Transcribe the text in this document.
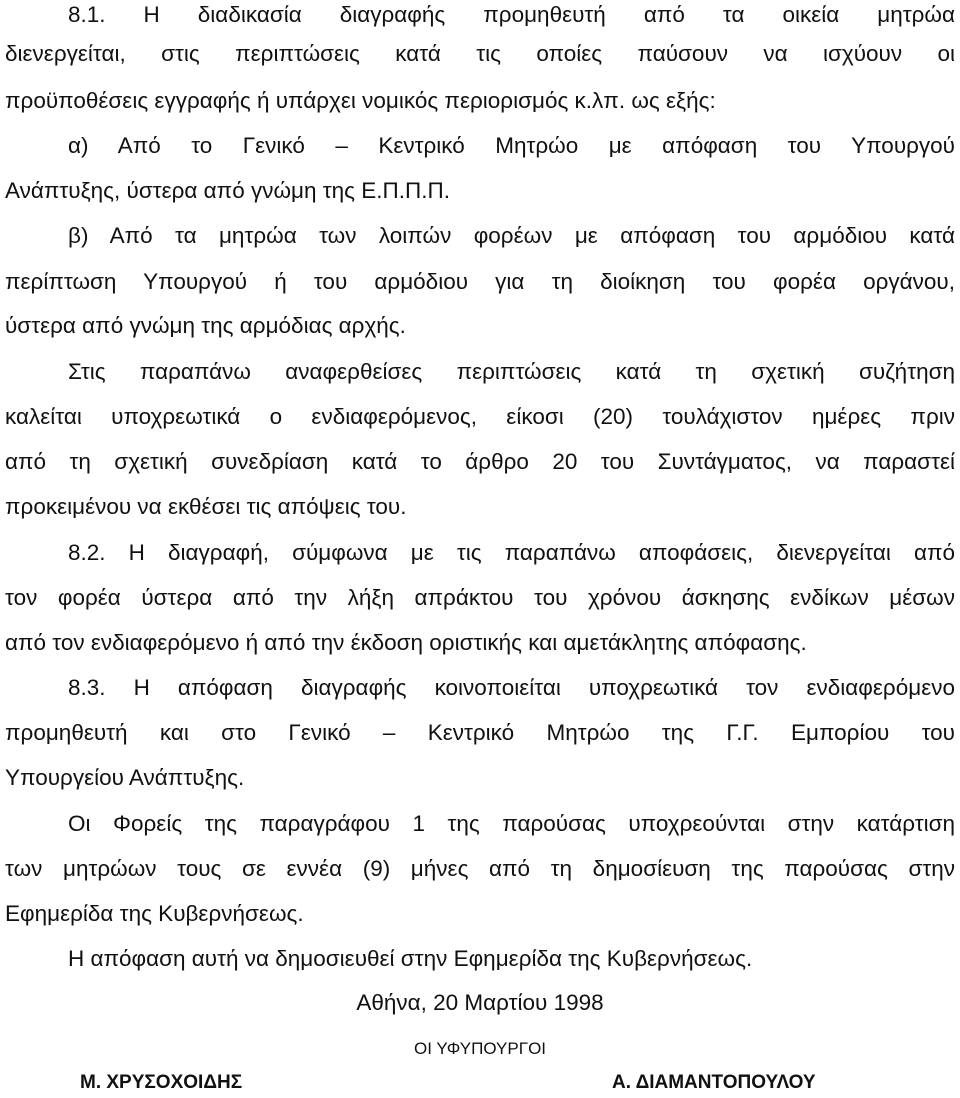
8.1. Η διαδικασία διαγραφής προμηθευτή από τα οικεία μητρώα
διενεργείται, στις περιπτώσεις κατά τις οποίες παύσουν να ισχύουν οι
προϋποθέσεις εγγραφής ή υπάρχει νομικός περιορισμός κ.λπ. ως εξής:
α) Από το Γενικό – Κεντρικό Μητρώο με απόφαση του Υπουργού
Ανάπτυξης, ύστερα από γνώμη της Ε.Π.Π.Π.
β) Από τα μητρώα των λοιπών φορέων με απόφαση του αρμόδιου κατά
περίπτωση Υπουργού ή του αρμόδιου για τη διοίκηση του φορέα οργάνου,
ύστερα από γνώμη της αρμόδιας αρχής.
Στις παραπάνω αναφερθείσες περιπτώσεις κατά τη σχετική συζήτηση
καλείται υποχρεωτικά ο ενδιαφερόμενος, είκοσι (20) τουλάχιστον ημέρες πριν
από τη σχετική συνεδρίαση κατά το άρθρο 20 του Συντάγματος, να παραστεί
προκειμένου να εκθέσει τις απόψεις του.
8.2. Η διαγραφή, σύμφωνα με τις παραπάνω αποφάσεις, διενεργείται από
τον φορέα ύστερα από την λήξη απράκτου του χρόνου άσκησης ενδίκων μέσων
από τον ενδιαφερόμενο ή από την έκδοση οριστικής και αμετάκλητης απόφασης.
8.3. Η απόφαση διαγραφής κοινοποιείται υποχρεωτικά τον ενδιαφερόμενο
προμηθευτή και στο Γενικό – Κεντρικό Μητρώο της Γ.Γ. Εμπορίου του
Υπουργείου Ανάπτυξης.
Οι Φορείς της παραγράφου 1 της παρούσας υποχρεούνται στην κατάρτιση
των μητρώων τους σε εννέα (9) μήνες από τη δημοσίευση της παρούσας στην
Εφημερίδα της Κυβερνήσεως.
Η απόφαση αυτή να δημοσιευθεί στην Εφημερίδα της Κυβερνήσεως.
Αθήνα, 20 Μαρτίου 1998
ΟΙ ΥΦΥΠΟΥΡΓΟΙ
Μ. ΧΡΥΣΟΧΟΙΔΗΣ	Α. ΔΙΑΜΑΝΤΟΠΟΥΛΟΥ
